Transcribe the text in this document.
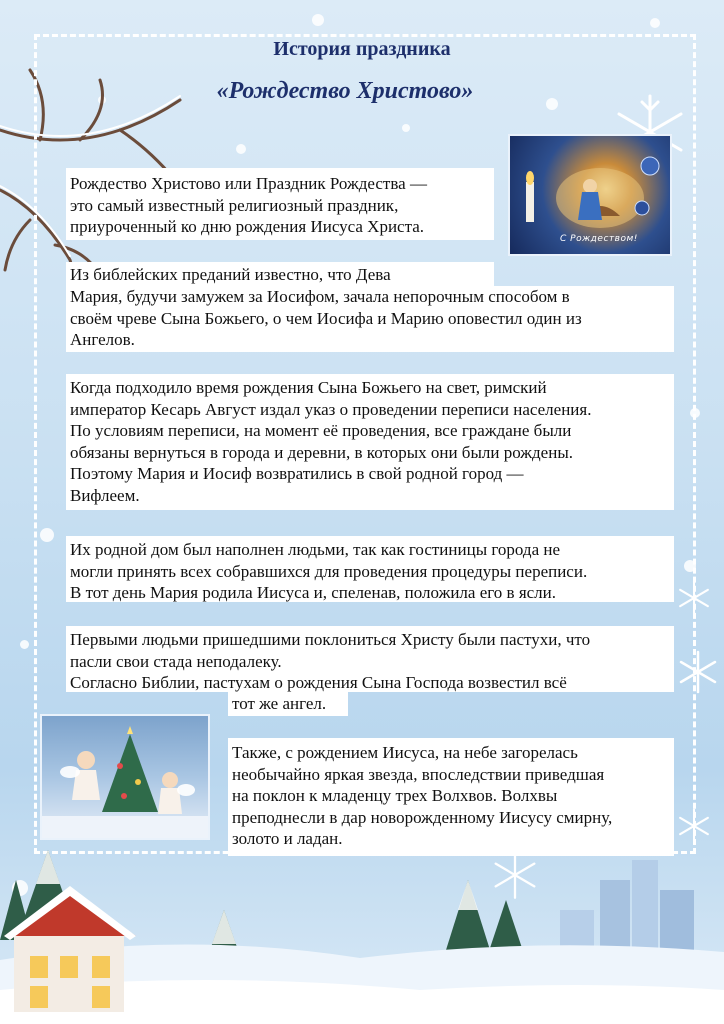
История праздника
«Рождество Христово»
Рождество Христово или Праздник Рождества —
это самый известный религиозный праздник,
приуроченный ко дню рождения Иисуса Христа.
Из библейских преданий известно, что Дева
Мария, будучи замужем за Иосифом, зачала непорочным способом в
своём чреве Сына Божьего, о чем Иосифа и Марию оповестил один из
Ангелов.
Когда подходило время рождения Сына Божьего на свет, римский
император Кесарь Август издал указ о проведении переписи населения.
По условиям переписи, на момент её проведения, все граждане были
обязаны вернуться в города и деревни, в которых они были рождены.
Поэтому Мария и Иосиф возвратились в свой родной город —
Вифлеем.
Их родной дом был наполнен людьми, так как гостиницы города не
могли принять всех собравшихся для проведения процедуры переписи.
В тот день Мария родила Иисуса и, спеленав, положила его в ясли.
Первыми людьми пришедшими поклониться Христу были пастухи, что
пасли свои стада неподалеку.
Согласно Библии, пастухам о рождения Сына Господа возвестил всё
тот же ангел.
Также, с рождением Иисуса, на небе загорелась
необычайно яркая звезда, впоследствии приведшая
на поклон к младенцу трех Волхвов. Волхвы
преподнесли в дар новорожденному Иисусу смирну,
золото и ладан.
С Рождеством!
